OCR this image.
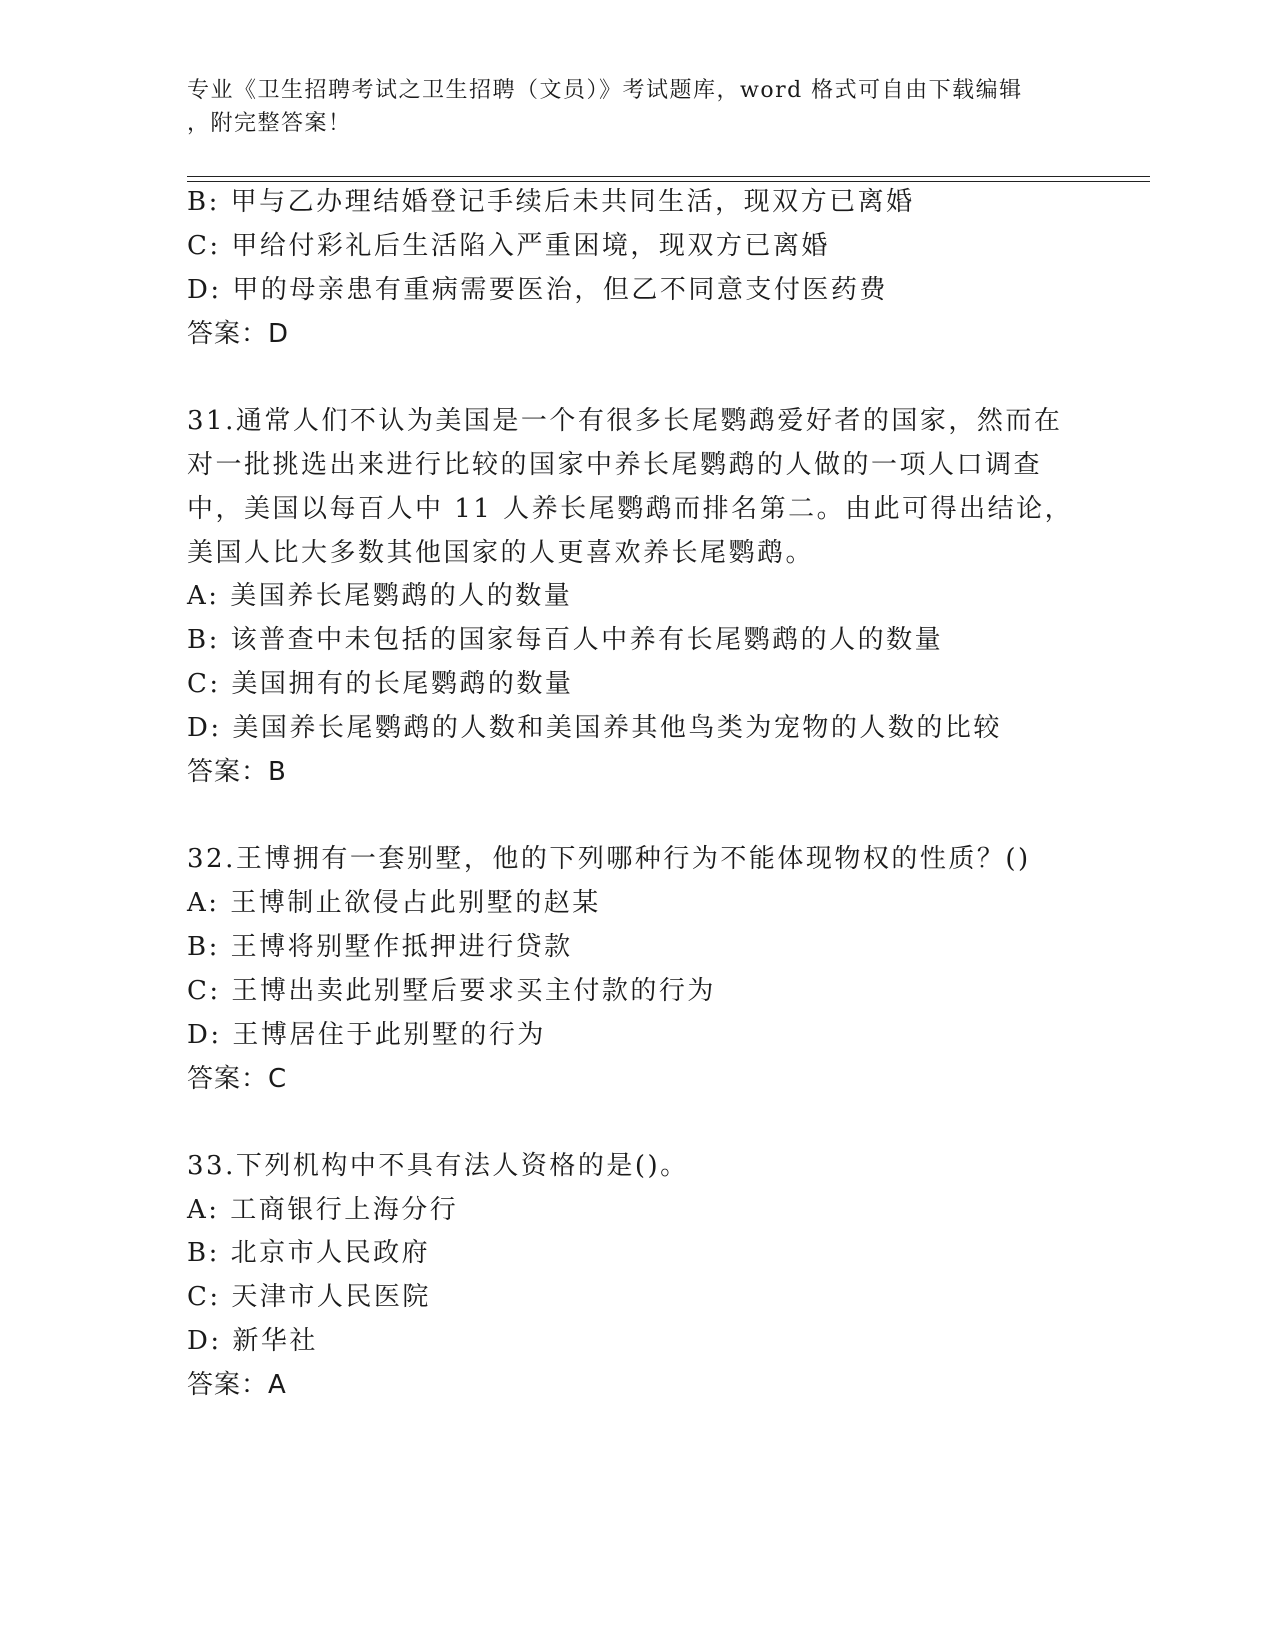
专业《卫生招聘考试之卫生招聘（文员）》考试题库，word 格式可自由下载编辑
，附完整答案！
B: 甲与乙办理结婚登记手续后未共同生活，现双方已离婚
C: 甲给付彩礼后生活陷入严重困境，现双方已离婚
D: 甲的母亲患有重病需要医治，但乙不同意支付医药费
答案：D
31.通常人们不认为美国是一个有很多长尾鹦鹉爱好者的国家，然而在
对一批挑选出来进行比较的国家中养长尾鹦鹉的人做的一项人口调查
中，美国以每百人中 11 人养长尾鹦鹉而排名第二。由此可得出结论，
美国人比大多数其他国家的人更喜欢养长尾鹦鹉。
A: 美国养长尾鹦鹉的人的数量
B: 该普查中未包括的国家每百人中养有长尾鹦鹉的人的数量
C: 美国拥有的长尾鹦鹉的数量
D: 美国养长尾鹦鹉的人数和美国养其他鸟类为宠物的人数的比较
答案：B
32.王博拥有一套别墅，他的下列哪种行为不能体现物权的性质？()
A: 王博制止欲侵占此别墅的赵某
B: 王博将别墅作抵押进行贷款
C: 王博出卖此别墅后要求买主付款的行为
D: 王博居住于此别墅的行为
答案：C
33.下列机构中不具有法人资格的是()。
A: 工商银行上海分行
B: 北京市人民政府
C: 天津市人民医院
D: 新华社
答案：A
